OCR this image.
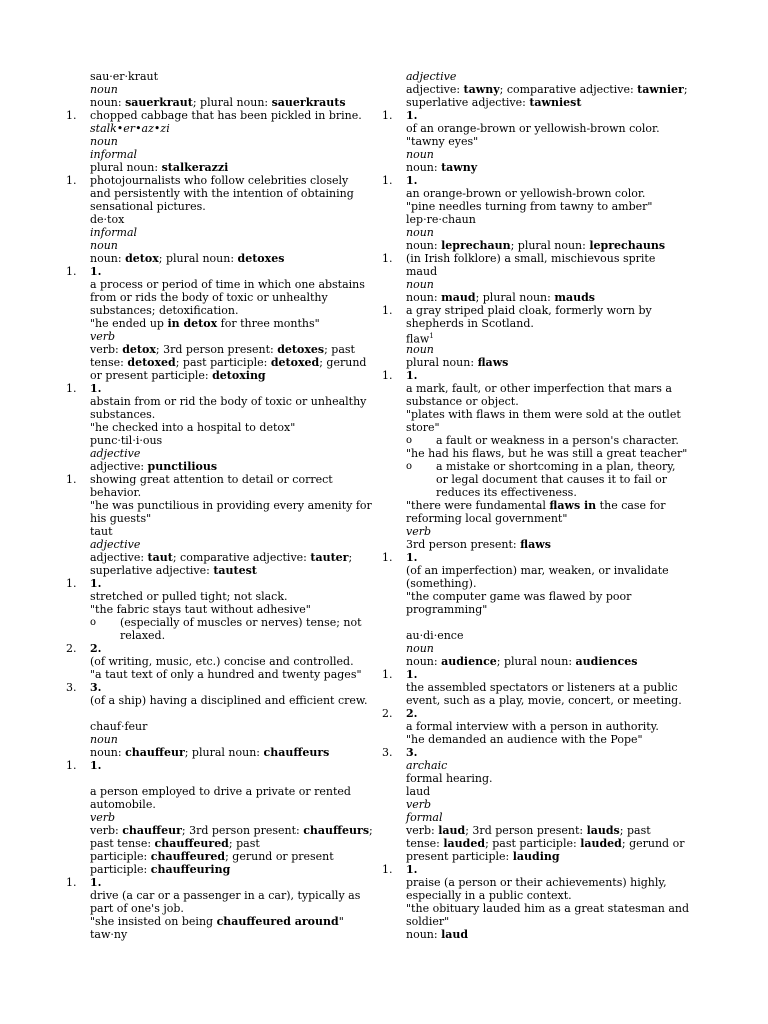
sau·er·kraut
noun
noun: sauerkraut; plural noun: sauerkrauts
1. chopped cabbage that has been pickled in brine.
stalk•er•az•zi
noun
informal
plural noun: stalkerazzi
1. photojournalists who follow celebrities closely
and persistently with the intention of obtaining
sensational pictures.
de·tox
informal
noun
noun: detox; plural noun: detoxes
1. 1.
a process or period of time in which one abstains
from or rids the body of toxic or unhealthy
substances; detoxification.
"he ended up in detox for three months"
verb
verb: detox; 3rd person present: detoxes; past
tense: detoxed; past participle: detoxed; gerund
or present participle: detoxing
1. 1.
abstain from or rid the body of toxic or unhealthy
substances.
"he checked into a hospital to detox"
punc·til·i·ous
adjective
adjective: punctilious
1. showing great attention to detail or correct
behavior.
"he was punctilious in providing every amenity for
his guests"
taut
adjective
adjective: taut; comparative adjective: tauter;
superlative adjective: tautest
1. 1.
stretched or pulled tight; not slack.
"the fabric stays taut without adhesive"
o (especially of muscles or nerves) tense; not
relaxed.
2. 2.
(of writing, music, etc.) concise and controlled.
"a taut text of only a hundred and twenty pages"
3. 3.
(of a ship) having a disciplined and efficient crew.
chauf·feur
noun
noun: chauffeur; plural noun: chauffeurs
1. 1.
a person employed to drive a private or rented
automobile.
verb
verb: chauffeur; 3rd person present: chauffeurs;
past tense: chauffeured; past
participle: chauffeured; gerund or present
participle: chauffeuring
1. 1.
drive (a car or a passenger in a car), typically as
part of one's job.
"she insisted on being chauffeured around"
taw·ny
adjective
adjective: tawny; comparative adjective: tawnier;
superlative adjective: tawniest
1. 1.
of an orange-brown or yellowish-brown color.
"tawny eyes"
noun
noun: tawny
1. 1.
an orange-brown or yellowish-brown color.
"pine needles turning from tawny to amber"
lep·re·chaun
noun
noun: leprechaun; plural noun: leprechauns
1. (in Irish folklore) a small, mischievous sprite
maud
noun
noun: maud; plural noun: mauds
1. a gray striped plaid cloak, formerly worn by
shepherds in Scotland.
flaw$^1$
noun
plural noun: flaws
1. 1.
a mark, fault, or other imperfection that mars a
substance or object.
"plates with flaws in them were sold at the outlet
store"
o a fault or weakness in a person's character.
"he had his flaws, but he was still a great teacher"
o a mistake or shortcoming in a plan, theory,
or legal document that causes it to fail or
reduces its effectiveness.
"there were fundamental flaws in the case for
reforming local government"
verb
3rd person present: flaws
1. 1.
(of an imperfection) mar, weaken, or invalidate
(something).
"the computer game was flawed by poor
programming"
au·di·ence
noun
noun: audience; plural noun: audiences
1. 1.
the assembled spectators or listeners at a public
event, such as a play, movie, concert, or meeting.
2. 2.
a formal interview with a person in authority.
"he demanded an audience with the Pope"
3. 3.
archaic
formal hearing.
laud
verb
formal
verb: laud; 3rd person present: lauds; past
tense: lauded; past participle: lauded; gerund or
present participle: lauding
1. 1.
praise (a person or their achievements) highly,
especially in a public context.
"the obituary lauded him as a great statesman and
soldier"
noun: laud
